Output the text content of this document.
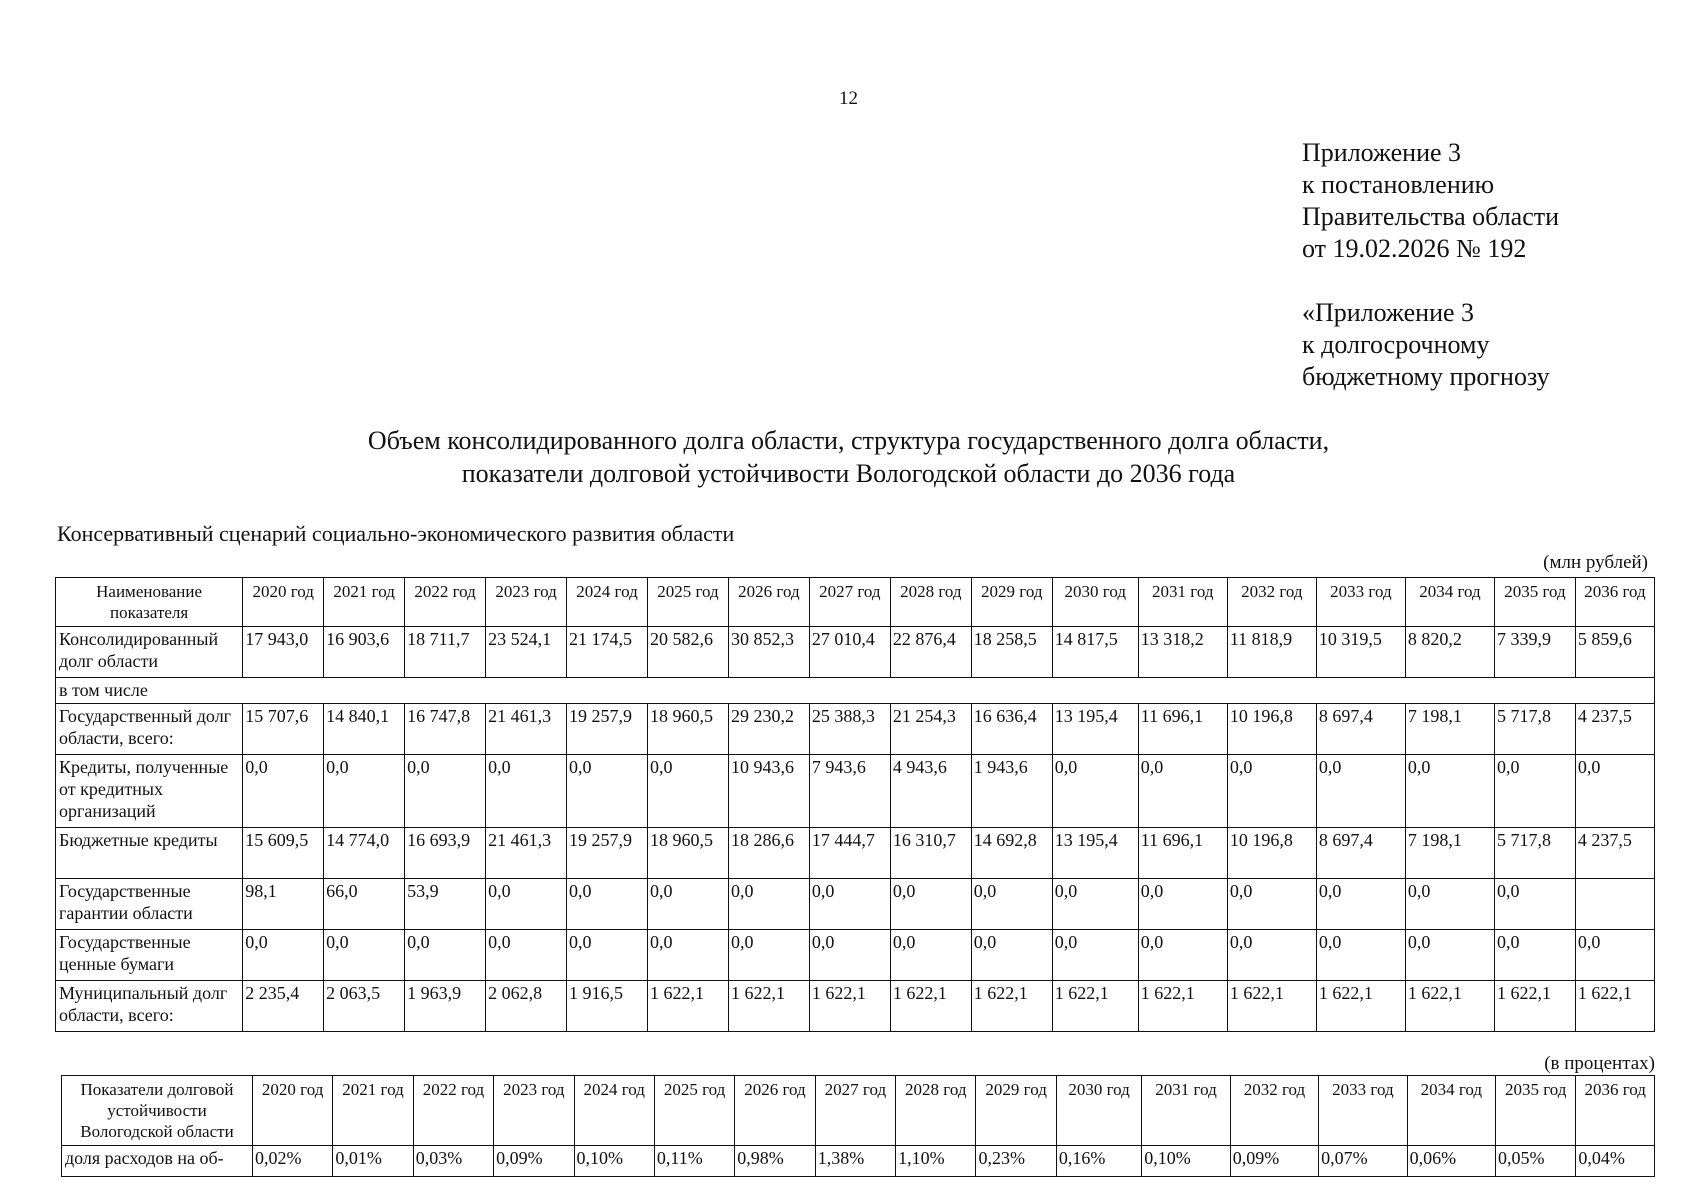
12
Приложение 3
к постановлению
Правительства области
от 19.02.2026 № 192
«Приложение 3
к долгосрочному
бюджетному прогнозу
Объем консолидированного долга области, структура государственного долга области,
показатели долговой устойчивости Вологодской области до 2036 года
Консервативный сценарий социально-экономического развития области
(млн рублей)
Наименование показателя	2020 год	2021 год	2022 год	2023 год	2024 год	2025 год	2026 год	2027 год	2028 год	2029 год	2030 год	2031 год	2032 год	2033 год	2034 год	2035 год	2036 год
Консолидированный долг области	17 943,0	16 903,6	18 711,7	23 524,1	21 174,5	20 582,6	30 852,3	27 010,4	22 876,4	18 258,5	14 817,5	13 318,2	11 818,9	10 319,5	8 820,2	7 339,9	5 859,6
в том числе																	
Государственный долг области, всего:	15 707,6	14 840,1	16 747,8	21 461,3	19 257,9	18 960,5	29 230,2	25 388,3	21 254,3	16 636,4	13 195,4	11 696,1	10 196,8	8 697,4	7 198,1	5 717,8	4 237,5
Кредиты, полученные от кредитных организаций	0,0	0,0	0,0	0,0	0,0	0,0	10 943,6	7 943,6	4 943,6	1 943,6	0,0	0,0	0,0	0,0	0,0	0,0	0,0
Бюджетные кредиты	15 609,5	14 774,0	16 693,9	21 461,3	19 257,9	18 960,5	18 286,6	17 444,7	16 310,7	14 692,8	13 195,4	11 696,1	10 196,8	8 697,4	7 198,1	5 717,8	4 237,5
Государственные гарантии области	98,1	66,0	53,9	0,0	0,0	0,0	0,0	0,0	0,0	0,0	0,0	0,0	0,0	0,0	0,0	0,0	
Государственные ценные бумаги	0,0	0,0	0,0	0,0	0,0	0,0	0,0	0,0	0,0	0,0	0,0	0,0	0,0	0,0	0,0	0,0	0,0
Муниципальный долг области, всего:	2 235,4	2 063,5	1 963,9	2 062,8	1 916,5	1 622,1	1 622,1	1 622,1	1 622,1	1 622,1	1 622,1	1 622,1	1 622,1	1 622,1	1 622,1	1 622,1	1 622,1
(в процентах)
Показатели долговой устойчивости Вологодской области	2020 год	2021 год	2022 год	2023 год	2024 год	2025 год	2026 год	2027 год	2028 год	2029 год	2030 год	2031 год	2032 год	2033 год	2034 год	2035 год	2036 год
доля расходов на об-	0,02%	0,01%	0,03%	0,09%	0,10%	0,11%	0,98%	1,38%	1,10%	0,23%	0,16%	0,10%	0,09%	0,07%	0,06%	0,05%	0,04%
